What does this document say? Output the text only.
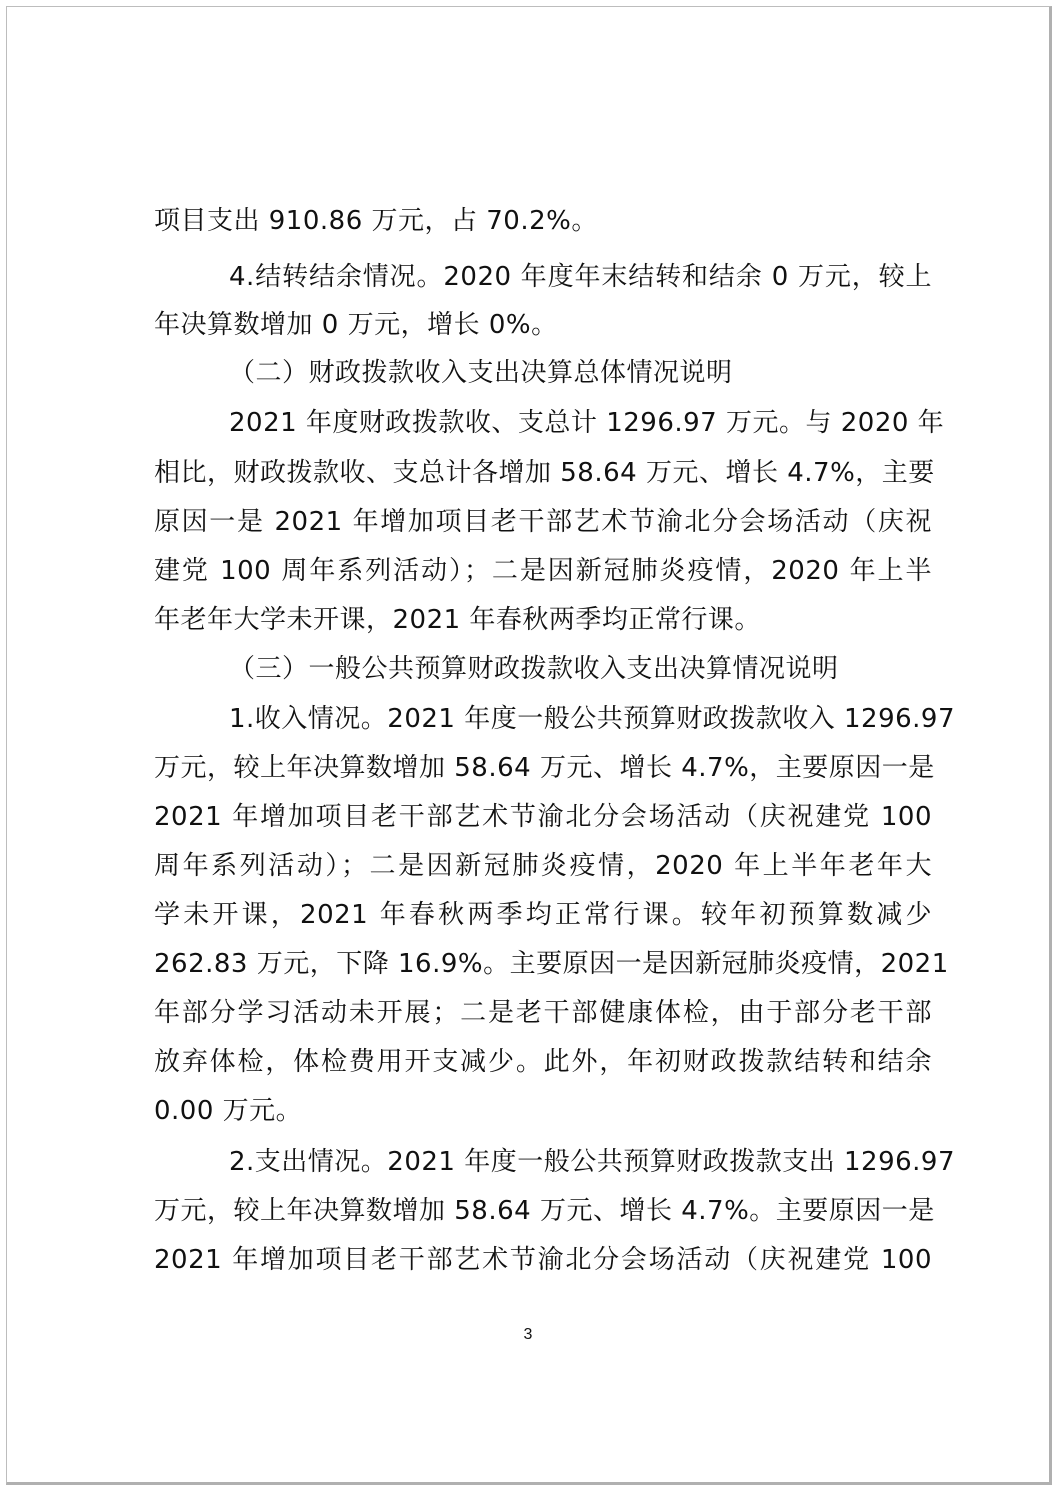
项目支出 910.86 万元，占 70.2%。
4.结转结余情况。2020 年度年末结转和结余 0 万元，较上
年决算数增加 0 万元，增长 0%。
（二）财政拨款收入支出决算总体情况说明
2021 年度财政拨款收、支总计 1296.97 万元。与 2020 年
相比，财政拨款收、支总计各增加 58.64 万元、增长 4.7%，主要
原因一是 2021 年增加项目老干部艺术节渝北分会场活动（庆祝
建党 100 周年系列活动）；二是因新冠肺炎疫情，2020 年上半
年老年大学未开课，2021 年春秋两季均正常行课。
（三）一般公共预算财政拨款收入支出决算情况说明
1.收入情况。2021 年度一般公共预算财政拨款收入 1296.97
万元，较上年决算数增加 58.64 万元、增长 4.7%，主要原因一是
2021 年增加项目老干部艺术节渝北分会场活动（庆祝建党 100
周年系列活动）；二是因新冠肺炎疫情，2020 年上半年老年大
学未开课，2021 年春秋两季均正常行课。较年初预算数减少
262.83 万元，下降 16.9%。主要原因一是因新冠肺炎疫情，2021
年部分学习活动未开展；二是老干部健康体检，由于部分老干部
放弃体检，体检费用开支减少。此外，年初财政拨款结转和结余
0.00 万元。
2.支出情况。2021 年度一般公共预算财政拨款支出 1296.97
万元，较上年决算数增加 58.64 万元、增长 4.7%。主要原因一是
2021 年增加项目老干部艺术节渝北分会场活动（庆祝建党 100
3
